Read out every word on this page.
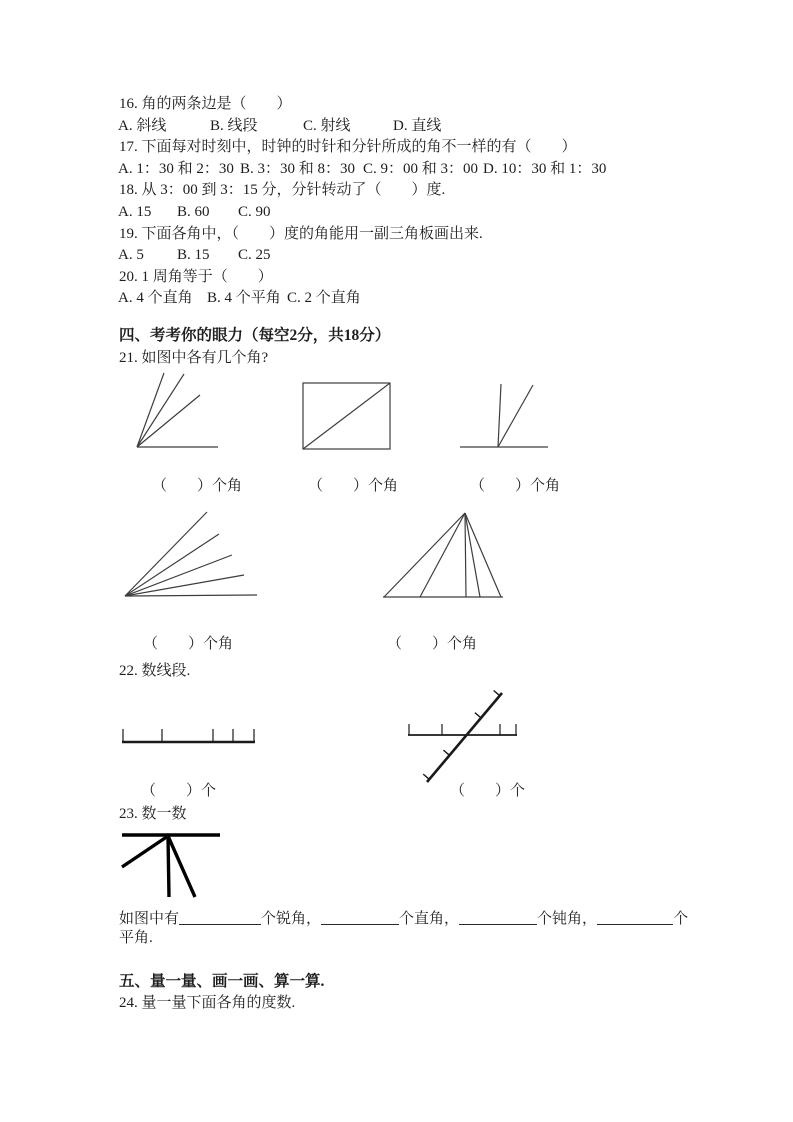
16. 角的两条边是（　　）
A. 斜线	B. 线段	C. 射线	D. 直线
17. 下面每对时刻中，时钟的时针和分针所成的角不一样的有（　　）
A. 1：30 和 2：30 B. 3：30 和 8：30 C. 9：00 和 3：00 D. 10：30 和 1：30
18. 从 3：00 到 3：15 分，分针转动了（　　）度.
A. 15 B. 60 C. 90
19. 下面各角中，（　　）度的角能用一副三角板画出来.
A. 5 B. 15 C. 25
20. 1 周角等于（　　）
A. 4 个直角 B. 4 个平角 C. 2 个直角
四、考考你的眼力（每空2分，共18分）
21. 如图中各有几个角?
（　　）个角	（　　）个角	（　　）个角
（　　）个角	（　　）个角
22. 数线段.
（　　）个	（　　）个
23. 数一数
如图中有	个锐角，	个直角，	个钝角，	个
平角.
五、量一量、画一画、算一算.
24. 量一量下面各角的度数.
